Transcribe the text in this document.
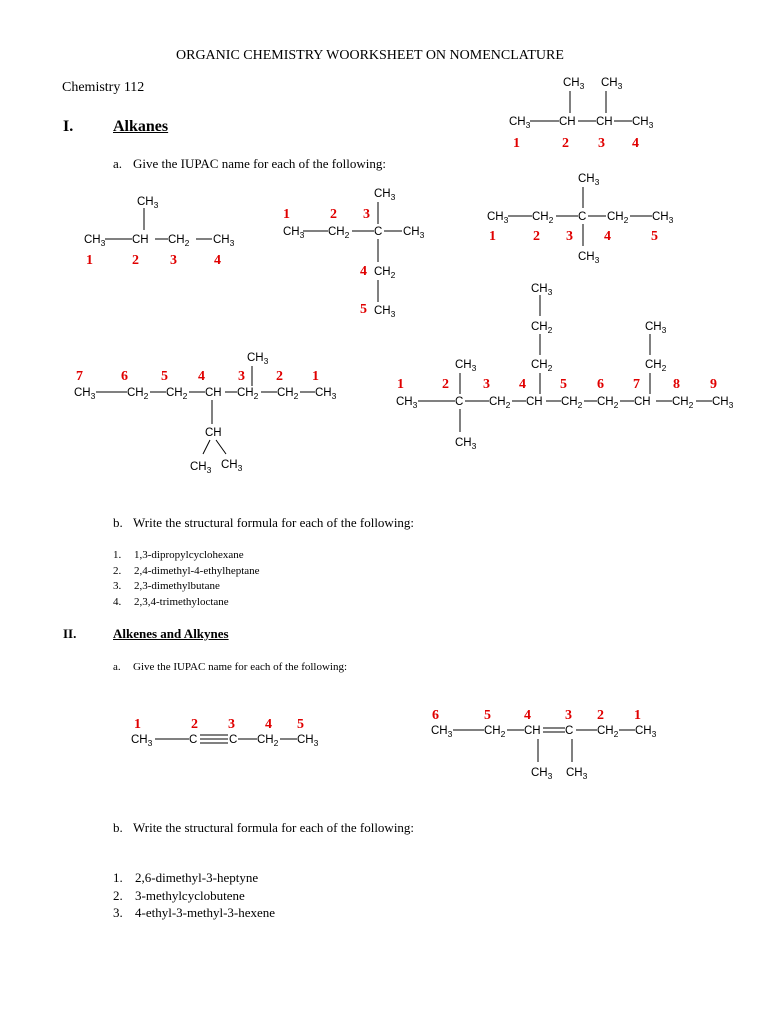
ORGANIC CHEMISTRY WOORKSHEET ON NOMENCLATURE
Chemistry 112
I. Alkanes
a. Give the IUPAC name for each of the following:
b. Write the structural formula for each of the following:
1. 1,3-dipropylcyclohexane
2. 2,4-dimethyl-4-ethylheptane
3. 2,3-dimethylbutane
4. 2,3,4-trimethyloctane
II.	Alkenes and Alkynes
a. Give the IUPAC name for each of the following:
b. Write the structural formula for each of the following:
1. 2,6-dimethyl-3-heptyne
2. 3-methylcyclobutene
3. 4-ethyl-3-methyl-3-hexene
$CH_3$ CH $CH_2$ $CH_3$
$CH_3$
1	2 3	4
$CH_3$ $CH_2$ C $CH_3$
$CH_3$
$CH_2$
$CH_3$
1	2 3
4
5
$CH_3$ CH CH $CH_3$
$CH_3$ $CH_3$
1	2 3 4
$CH_3$ $CH_2$ C $CH_2$ $CH_3$
$CH_3$
$CH_3$
1	2 3 4	5
$CH_3$	$CH_2$ $CH_2$ CH $CH_2$ $CH_2$ $CH_3$
$CH_3$
CH
$CH_3$ $CH_3$
7	6 5 4 3 2 1
$CH_3$	C $CH_2$ CH $CH_2$ $CH_2$ CH $CH_2$ $CH_3$
$CH_3$
$CH_3$
$CH_2$
$CH_2$
$CH_3$
$CH_2$
$CH_3$
1	2 3 4 5 6 7 8 9
$CH_3$	C	C $CH_2$ $CH_3$
1	2 3 4 5	$CH_3$	$CH_2$ CH C $CH_2$ $CH_3$
$CH_3$ $CH_3$
6	5 4 3 2 1
